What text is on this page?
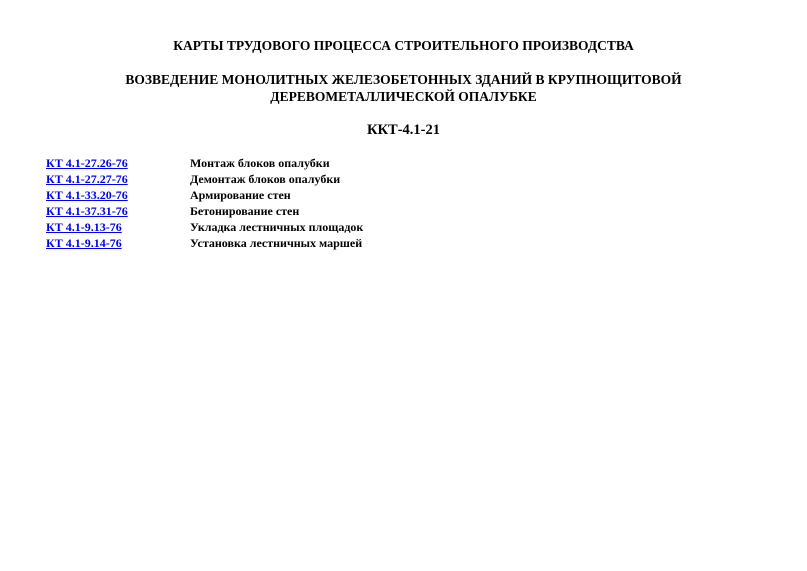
КАРТЫ ТРУДОВОГО ПРОЦЕССА СТРОИТЕЛЬНОГО ПРОИЗВОДСТВА
ВОЗВЕДЕНИЕ МОНОЛИТНЫХ ЖЕЛЕЗОБЕТОННЫХ ЗДАНИЙ В КРУПНОЩИТОВОЙ
ДЕРЕВОМЕТАЛЛИЧЕСКОЙ ОПАЛУБКЕ
ККТ-4.1-21
КТ 4.1-27.26-76	Монтаж блоков опалубки
КТ 4.1-27.27-76	Демонтаж блоков опалубки
КТ 4.1-33.20-76	Армирование стен
КТ 4.1-37.31-76	Бетонирование стен
КТ 4.1-9.13-76	Укладка лестничных площадок
КТ 4.1-9.14-76	Установка лестничных маршей
